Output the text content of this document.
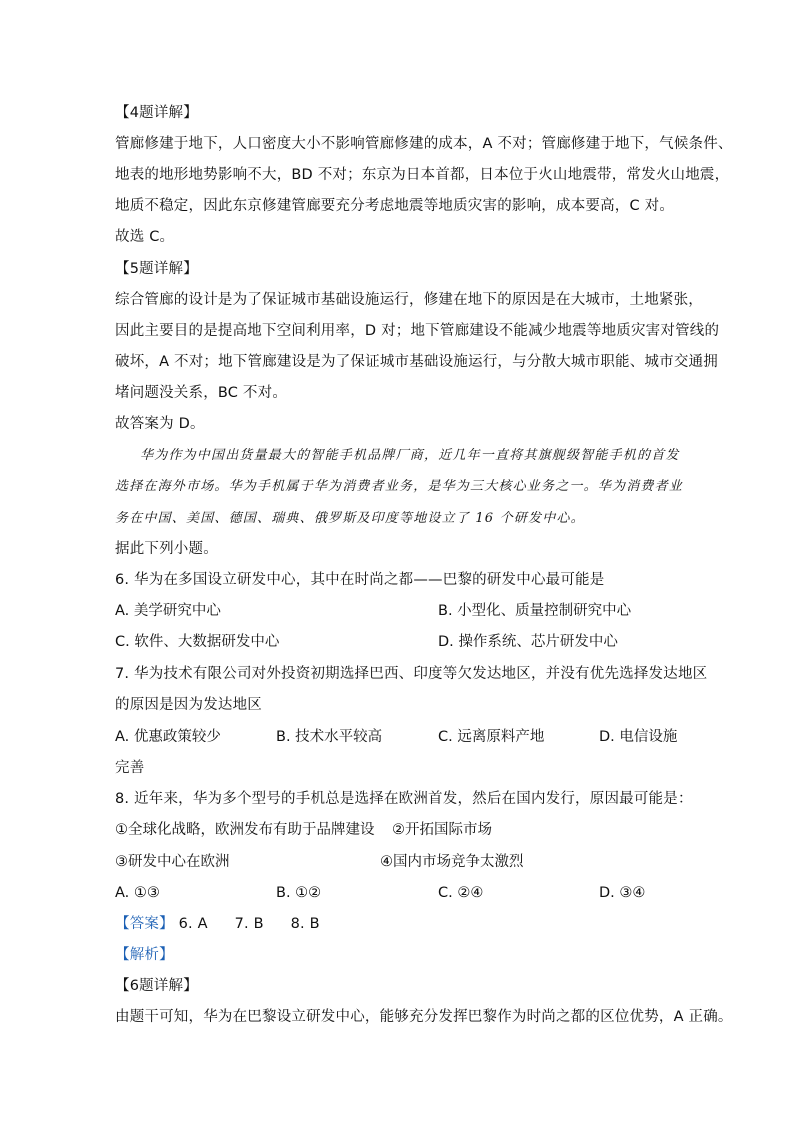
【4题详解】
管廊修建于地下，人口密度大小不影响管廊修建的成本，A 不对；管廊修建于地下，气候条件、
地表的地形地势影响不大，BD 不对；东京为日本首都，日本位于火山地震带，常发火山地震，
地质不稳定，因此东京修建管廊要充分考虑地震等地质灾害的影响，成本要高，C 对。
故选 C。
【5题详解】
综合管廊的设计是为了保证城市基础设施运行，修建在地下的原因是在大城市，土地紧张，
因此主要目的是提高地下空间利用率，D 对；地下管廊建设不能减少地震等地质灾害对管线的
破坏，A 不对；地下管廊建设是为了保证城市基础设施运行，与分散大城市职能、城市交通拥
堵问题没关系，BC 不对。
故答案为 D。
华为作为中国出货量最大的智能手机品牌厂商，近几年一直将其旗舰级智能手机的首发
选择在海外市场。华为手机属于华为消费者业务，是华为三大核心业务之一。华为消费者业
务在中国、美国、德国、瑞典、俄罗斯及印度等地设立了 16 个研发中心。
据此下列小题。
6. 华为在多国设立研发中心，其中在时尚之都——巴黎的研发中心最可能是
A. 美学研究中心	B. 小型化、质量控制研究中心
C. 软件、大数据研发中心	D. 操作系统、芯片研发中心
7. 华为技术有限公司对外投资初期选择巴西、印度等欠发达地区，并没有优先选择发达地区
的原因是因为发达地区
A. 优惠政策较少	B. 技术水平较高	C. 远离原料产地	D. 电信设施
完善
8. 近年来，华为多个型号的手机总是选择在欧洲首发，然后在国内发行，原因最可能是：
①全球化战略，欧洲发布有助于品牌建设 ②开拓国际市场
③研发中心在欧洲	④国内市场竞争太激烈
A. ①③	B. ①②	C. ②④	D. ③④
【答案】 6. A 7. B 8. B
【解析】
【6题详解】
由题干可知，华为在巴黎设立研发中心，能够充分发挥巴黎作为时尚之都的区位优势，A 正确。
